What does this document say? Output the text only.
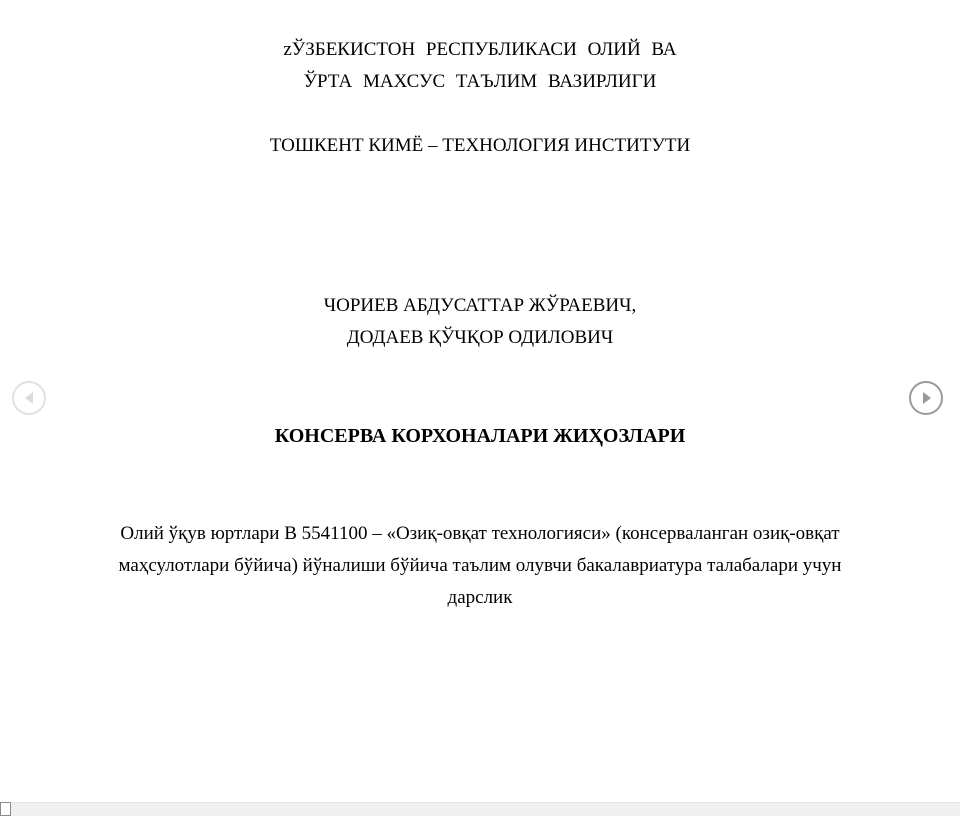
zЎЗБЕКИСТОН РЕСПУБЛИКАСИ ОЛИЙ ВА
ЎРТА МАХСУС ТАЪЛИМ ВАЗИРЛИГИ
ТОШКЕНТ КИМЁ – ТЕХНОЛОГИЯ ИНСТИТУТИ
ЧОРИЕВ АБДУСАТТАР ЖЎРАЕВИЧ,
ДОДАЕВ ҚЎЧҚОР ОДИЛОВИЧ
КОНСЕРВА КОРХОНАЛАРИ ЖИҲОЗЛАРИ
Олий ўқув юртлари В 5541100 – «Озиқ-овқат технологияси» (консерваланган озиқ-овқат
маҳсулотлари бўйича) йўналиши бўйича таълим олувчи бакалавриатура талабалари учун
дарслик
